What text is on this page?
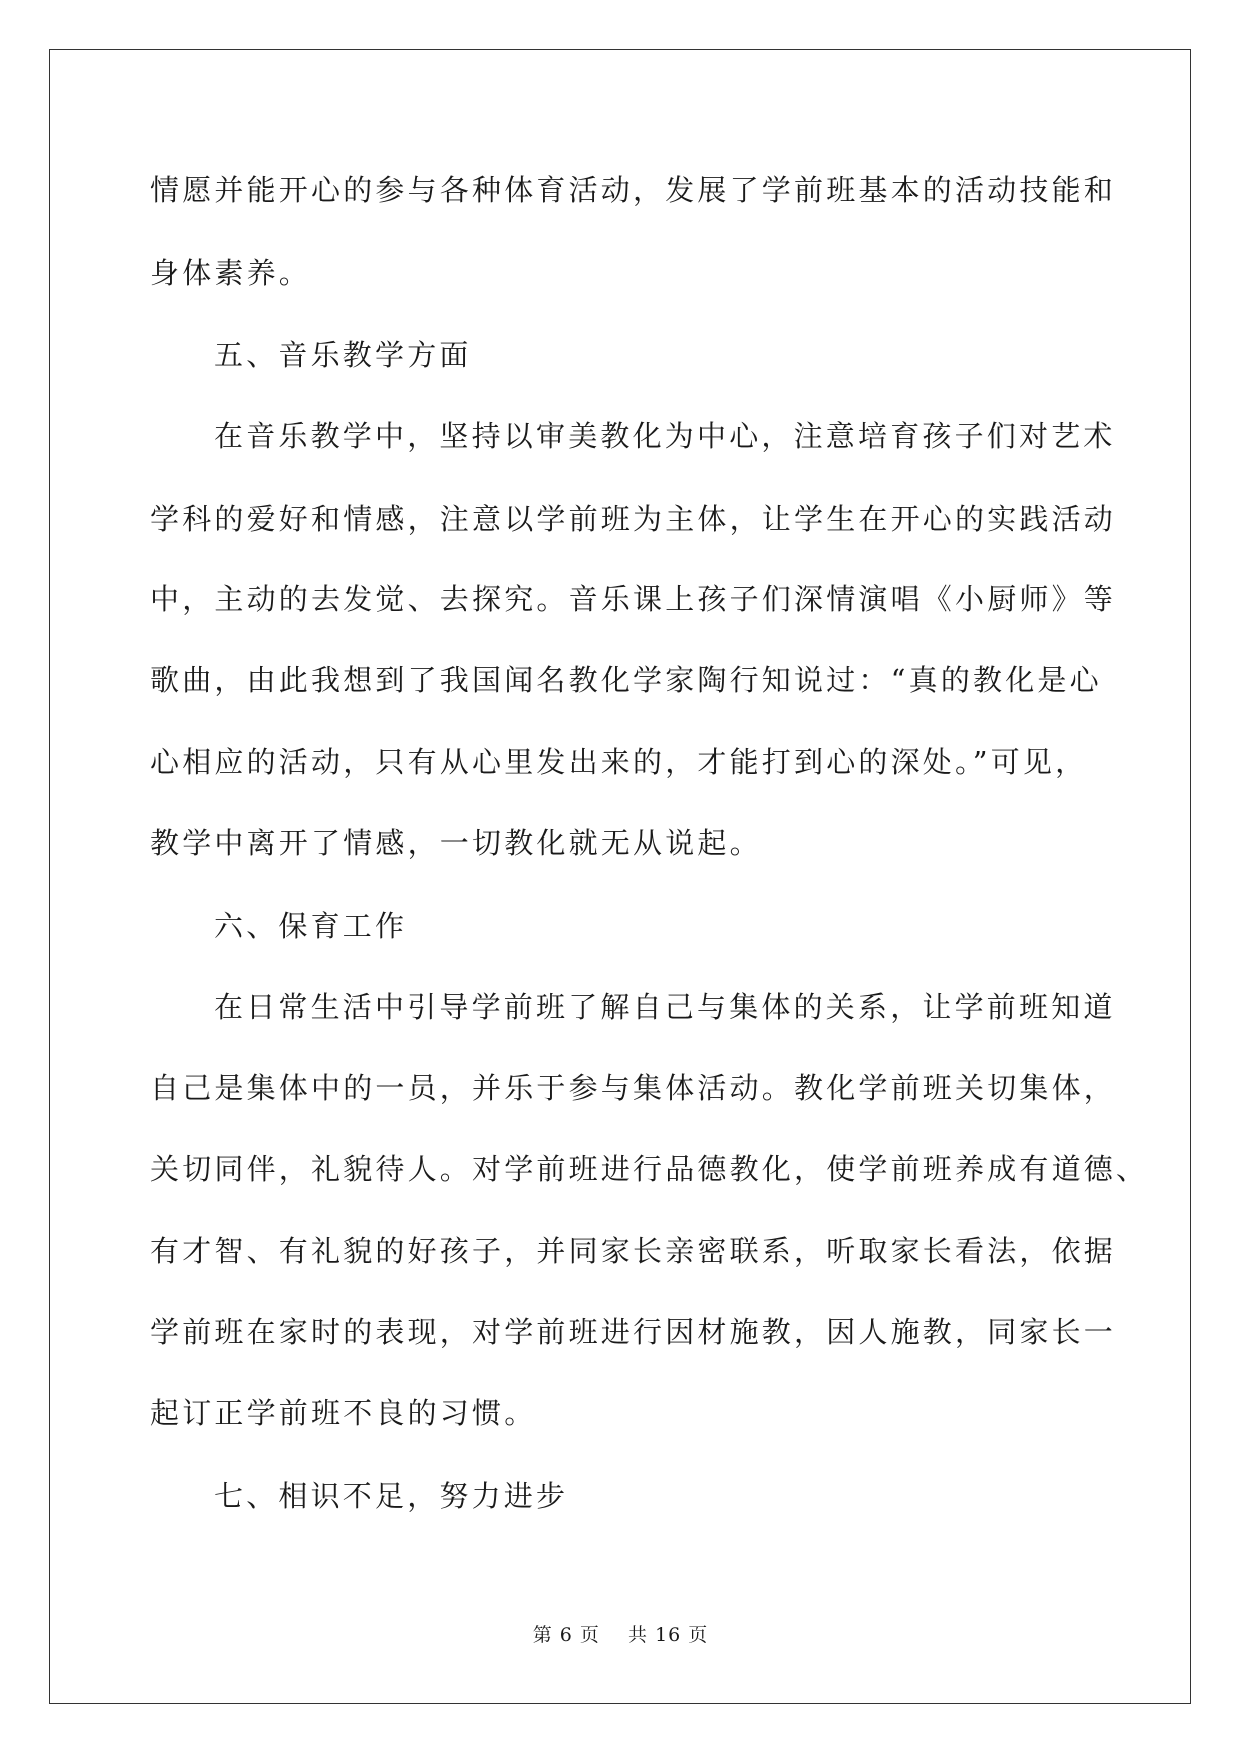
情愿并能开心的参与各种体育活动，发展了学前班基本的活动技能和
身体素养。
五、音乐教学方面
在音乐教学中，坚持以审美教化为中心，注意培育孩子们对艺术
学科的爱好和情感，注意以学前班为主体，让学生在开心的实践活动
中，主动的去发觉、去探究。音乐课上孩子们深情演唱《小厨师》等
歌曲，由此我想到了我国闻名教化学家陶行知说过：“真的教化是心
心相应的活动，只有从心里发出来的，才能打到心的深处。”可见，
教学中离开了情感，一切教化就无从说起。
六、保育工作
在日常生活中引导学前班了解自己与集体的关系，让学前班知道
自己是集体中的一员，并乐于参与集体活动。教化学前班关切集体，
关切同伴，礼貌待人。对学前班进行品德教化，使学前班养成有道德、
有才智、有礼貌的好孩子，并同家长亲密联系，听取家长看法，依据
学前班在家时的表现，对学前班进行因材施教，因人施教，同家长一
起订正学前班不良的习惯。
七、相识不足，努力进步
第 6 页 共 16 页
